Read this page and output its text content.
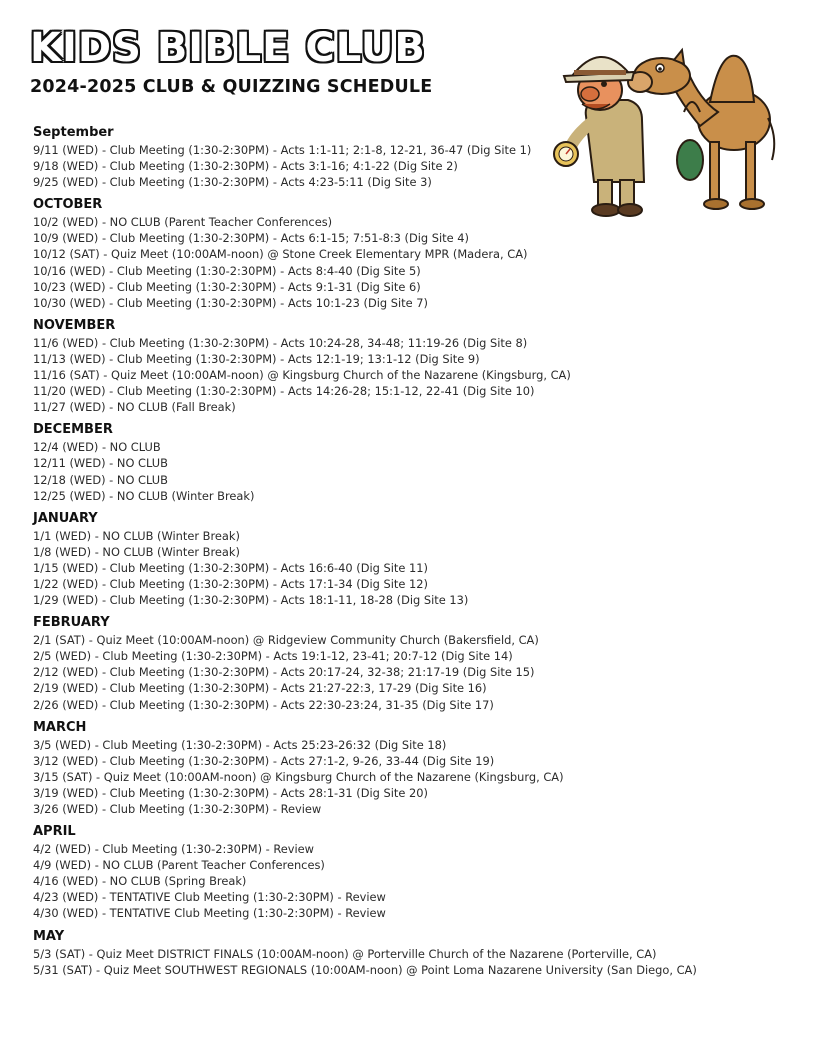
KIDS BIBLE CLUB
2024-2025 CLUB & QUIZZING SCHEDULE
September
9/11 (WED) - Club Meeting (1:30-2:30PM) - Acts 1:1-11; 2:1-8, 12-21, 36-47 (Dig Site 1)
9/18 (WED) - Club Meeting (1:30-2:30PM) - Acts 3:1-16; 4:1-22 (Dig Site 2)
9/25 (WED) - Club Meeting (1:30-2:30PM) - Acts 4:23-5:11 (Dig Site 3)
OCTOBER
10/2 (WED) - NO CLUB (Parent Teacher Conferences)
10/9 (WED) - Club Meeting (1:30-2:30PM) - Acts 6:1-15; 7:51-8:3 (Dig Site 4)
10/12 (SAT) - Quiz Meet (10:00AM-noon) @ Stone Creek Elementary MPR (Madera, CA)
10/16 (WED) - Club Meeting (1:30-2:30PM) - Acts 8:4-40 (Dig Site 5)
10/23 (WED) - Club Meeting (1:30-2:30PM) - Acts 9:1-31 (Dig Site 6)
10/30 (WED) - Club Meeting (1:30-2:30PM) - Acts 10:1-23 (Dig Site 7)
NOVEMBER
11/6 (WED) - Club Meeting (1:30-2:30PM) - Acts 10:24-28, 34-48; 11:19-26 (Dig Site 8)
11/13 (WED) - Club Meeting (1:30-2:30PM) - Acts 12:1-19; 13:1-12 (Dig Site 9)
11/16 (SAT) - Quiz Meet (10:00AM-noon) @ Kingsburg Church of the Nazarene (Kingsburg, CA)
11/20 (WED) - Club Meeting (1:30-2:30PM) - Acts 14:26-28; 15:1-12, 22-41 (Dig Site 10)
11/27 (WED) - NO CLUB (Fall Break)
DECEMBER
12/4 (WED) - NO CLUB
12/11 (WED) - NO CLUB
12/18 (WED) - NO CLUB
12/25 (WED) - NO CLUB (Winter Break)
JANUARY
1/1 (WED) - NO CLUB (Winter Break)
1/8 (WED) - NO CLUB (Winter Break)
1/15 (WED) - Club Meeting (1:30-2:30PM) - Acts 16:6-40 (Dig Site 11)
1/22 (WED) - Club Meeting (1:30-2:30PM) - Acts 17:1-34 (Dig Site 12)
1/29 (WED) - Club Meeting (1:30-2:30PM) - Acts 18:1-11, 18-28 (Dig Site 13)
FEBRUARY
2/1 (SAT) - Quiz Meet (10:00AM-noon) @ Ridgeview Community Church (Bakersfield, CA)
2/5 (WED) - Club Meeting (1:30-2:30PM) - Acts 19:1-12, 23-41; 20:7-12 (Dig Site 14)
2/12 (WED) - Club Meeting (1:30-2:30PM) - Acts 20:17-24, 32-38; 21:17-19 (Dig Site 15)
2/19 (WED) - Club Meeting (1:30-2:30PM) - Acts 21:27-22:3, 17-29 (Dig Site 16)
2/26 (WED) - Club Meeting (1:30-2:30PM) - Acts 22:30-23:24, 31-35 (Dig Site 17)
MARCH
3/5 (WED) - Club Meeting (1:30-2:30PM) - Acts 25:23-26:32 (Dig Site 18)
3/12 (WED) - Club Meeting (1:30-2:30PM) - Acts 27:1-2, 9-26, 33-44 (Dig Site 19)
3/15 (SAT) - Quiz Meet (10:00AM-noon) @ Kingsburg Church of the Nazarene (Kingsburg, CA)
3/19 (WED) - Club Meeting (1:30-2:30PM) - Acts 28:1-31 (Dig Site 20)
3/26 (WED) - Club Meeting (1:30-2:30PM) - Review
APRIL
4/2 (WED) - Club Meeting (1:30-2:30PM) - Review
4/9 (WED) - NO CLUB (Parent Teacher Conferences)
4/16 (WED) - NO CLUB (Spring Break)
4/23 (WED) - TENTATIVE Club Meeting (1:30-2:30PM) - Review
4/30 (WED) - TENTATIVE Club Meeting (1:30-2:30PM) - Review
MAY
5/3 (SAT) - Quiz Meet DISTRICT FINALS (10:00AM-noon) @ Porterville Church of the Nazarene (Porterville, CA)
5/31 (SAT) - Quiz Meet SOUTHWEST REGIONALS (10:00AM-noon) @ Point Loma Nazarene University (San Diego, CA)
